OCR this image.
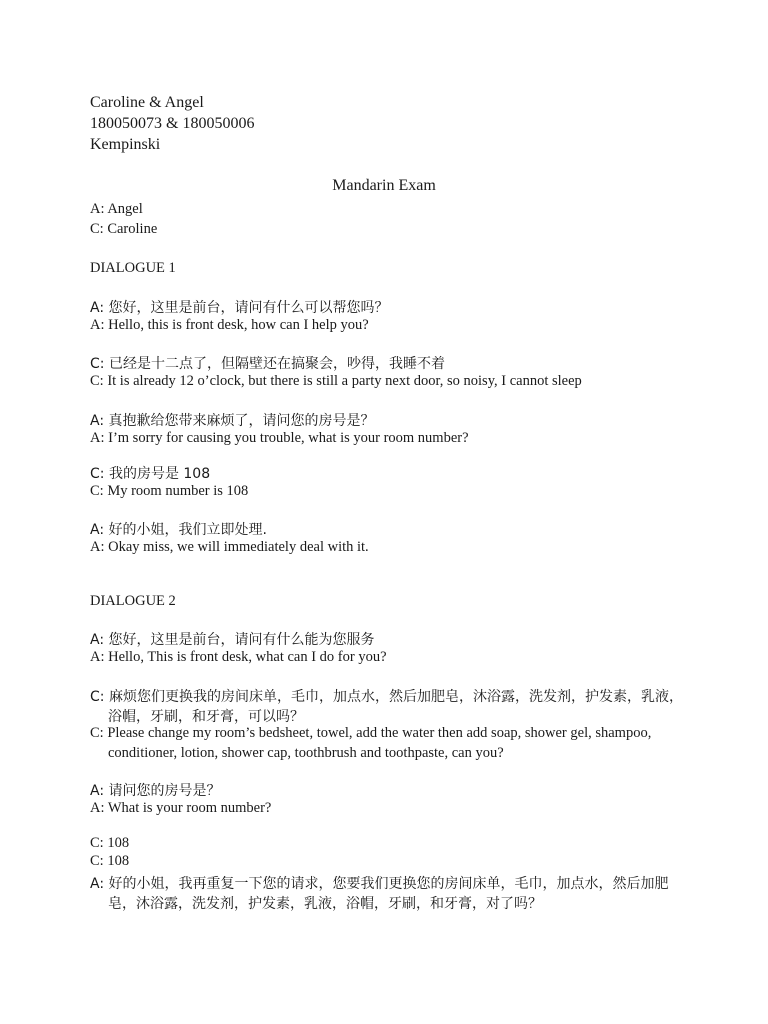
Caroline & Angel
180050073 & 180050006
Kempinski
Mandarin Exam
A: Angel
C: Caroline
DIALOGUE 1
A: 您好，这里是前台，请问有什么可以帮您吗？
A: Hello, this is front desk, how can I help you?
C: 已经是十二点了，但隔壁还在搞聚会，吵得，我睡不着
C: It is already 12 o’clock, but there is still a party next door, so noisy, I cannot sleep
A: 真抱歉给您带来麻烦了，请问您的房号是？
A: I’m sorry for causing you trouble, what is your room number?
C: 我的房号是 108
C: My room number is 108
A: 好的小姐，我们立即处理.
A: Okay miss, we will immediately deal with it.
DIALOGUE 2
A: 您好，这里是前台，请问有什么能为您服务
A: Hello, This is front desk, what can I do for you?
C: 麻烦您们更换我的房间床单，毛巾，加点水，然后加肥皂，沐浴露，洗发剂，护发素，乳液，
浴帽，牙刷，和牙膏，可以吗？
C: Please change my room’s bedsheet, towel, add the water then add soap, shower gel, shampoo,
conditioner, lotion, shower cap, toothbrush and toothpaste, can you?
A: 请问您的房号是？
A: What is your room number?
C: 108
C: 108
A: 好的小姐，我再重复一下您的请求，您要我们更换您的房间床单，毛巾，加点水，然后加肥
皂，沐浴露，洗发剂，护发素，乳液，浴帽，牙刷，和牙膏，对了吗？
